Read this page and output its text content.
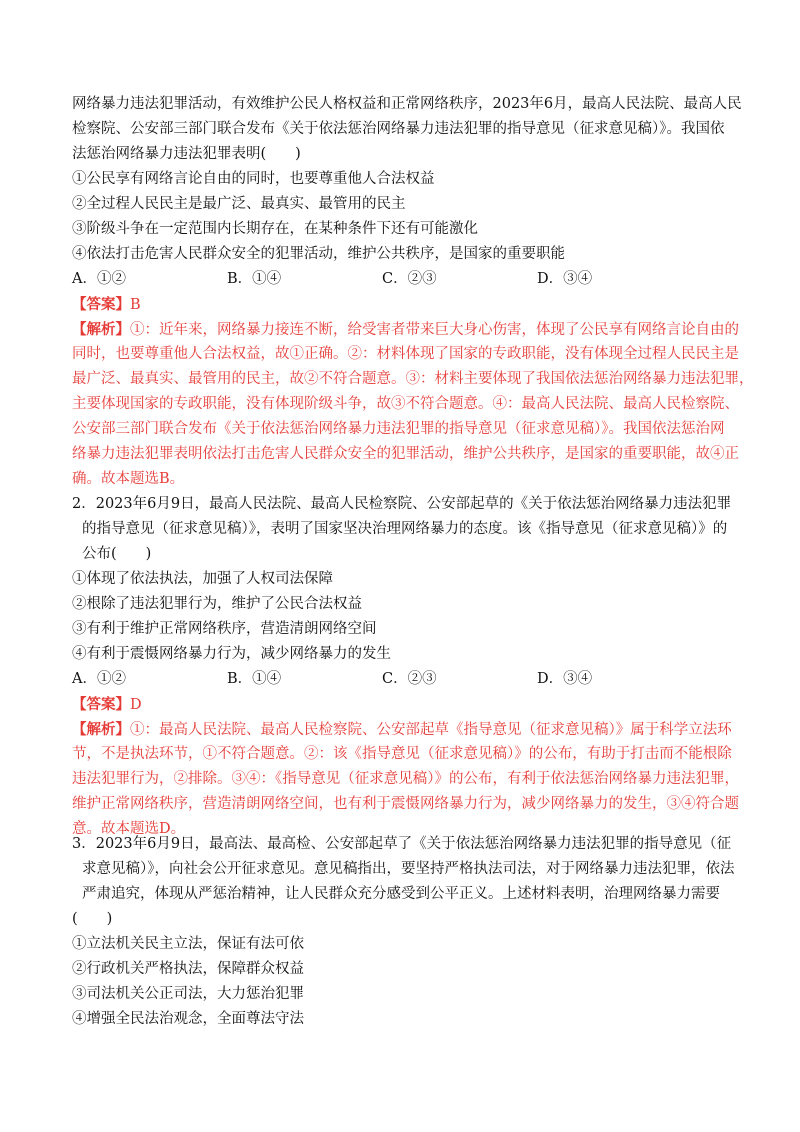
网络暴力违法犯罪活动，有效维护公民人格权益和正常网络秩序，2023年6月，最高人民法院、最高人民
检察院、公安部三部门联合发布《关于依法惩治网络暴力违法犯罪的指导意见（征求意见稿）》。我国依
法惩治网络暴力违法犯罪表明(　　)
①公民享有网络言论自由的同时，也要尊重他人合法权益
②全过程人民民主是最广泛、最真实、最管用的民主
③阶级斗争在一定范围内长期存在，在某种条件下还有可能激化
④依法打击危害人民群众安全的犯罪活动，维护公共秩序，是国家的重要职能
A．①②	B．①④	C．②③	D．③④
【答案】B
【解析】①：近年来，网络暴力接连不断，给受害者带来巨大身心伤害，体现了公民享有网络言论自由的
同时，也要尊重他人合法权益，故①正确。②：材料体现了国家的专政职能，没有体现全过程人民民主是
最广泛、最真实、最管用的民主，故②不符合题意。③：材料主要体现了我国依法惩治网络暴力违法犯罪，
主要体现国家的专政职能，没有体现阶级斗争，故③不符合题意。④：最高人民法院、最高人民检察院、
公安部三部门联合发布《关于依法惩治网络暴力违法犯罪的指导意见（征求意见稿）》。我国依法惩治网
络暴力违法犯罪表明依法打击危害人民群众安全的犯罪活动，维护公共秩序，是国家的重要职能，故④正
确。故本题选B。
2．2023年6月9日，最高人民法院、最高人民检察院、公安部起草的《关于依法惩治网络暴力违法犯罪
的指导意见（征求意见稿）》，表明了国家坚决治理网络暴力的态度。该《指导意见（征求意见稿）》的
公布(　　)
①体现了依法执法，加强了人权司法保障
②根除了违法犯罪行为，维护了公民合法权益
③有利于维护正常网络秩序，营造清朗网络空间
④有利于震慑网络暴力行为，减少网络暴力的发生
A．①②	B．①④	C．②③	D．③④
【答案】D
【解析】①：最高人民法院、最高人民检察院、公安部起草《指导意见（征求意见稿）》属于科学立法环
节，不是执法环节，①不符合题意。②：该《指导意见（征求意见稿）》的公布，有助于打击而不能根除
违法犯罪行为，②排除。③④：《指导意见（征求意见稿）》的公布，有利于依法惩治网络暴力违法犯罪，
维护正常网络秩序，营造清朗网络空间，也有利于震慑网络暴力行为，减少网络暴力的发生，③④符合题
意。故本题选D。
3．2023年6月9日，最高法、最高检、公安部起草了《关于依法惩治网络暴力违法犯罪的指导意见（征
求意见稿）》，向社会公开征求意见。意见稿指出，要坚持严格执法司法，对于网络暴力违法犯罪，依法
严肃追究，体现从严惩治精神，让人民群众充分感受到公平正义。上述材料表明，治理网络暴力需要
(　　)
①立法机关民主立法，保证有法可依
②行政机关严格执法，保障群众权益
③司法机关公正司法，大力惩治犯罪
④增强全民法治观念，全面尊法守法
